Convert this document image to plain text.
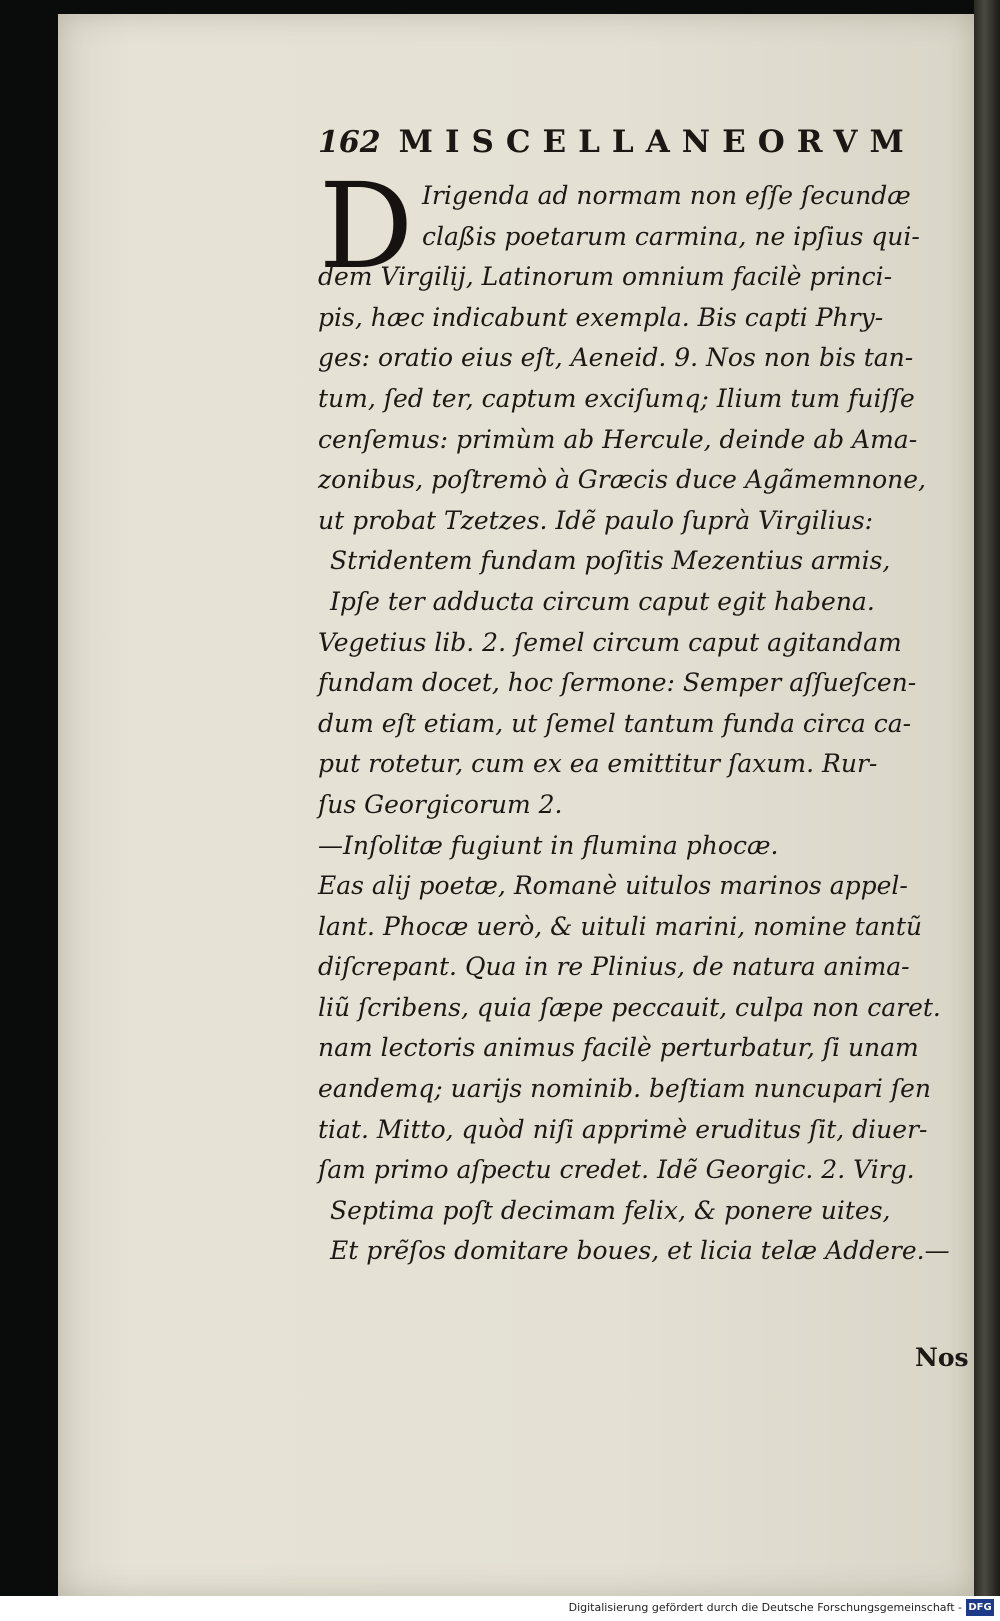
162 MISCELLANEORVM
D Irigenda ad normam non eſſe ſecundæ
claßis poetarum carmina, ne ipſius qui-
dem Virgilij, Latinorum omnium facilè princi-
pis, hæc indicabunt exempla. Bis capti Phry-
ges: oratio eius eſt, Aeneid. 9. Nos non bis tan-
tum, ſed ter, captum exciſumq; Ilium tum fuiſſe
cenſemus: primùm ab Hercule, deinde ab Ama-
zonibus, poſtremò à Græcis duce Agãmemnone,
ut probat Tzetzes. Idẽ paulo ſuprà Virgilius:
Stridentem fundam poſitis Mezentius armis,
Ipſe ter adducta circum caput egit habena.
Vegetius lib. 2. ſemel circum caput agitandam
fundam docet, hoc ſermone: Semper aſſueſcen-
dum eſt etiam, ut ſemel tantum funda circa ca-
put rotetur, cum ex ea emittitur ſaxum. Rur-
ſus Georgicorum 2.
—Inſolitæ fugiunt in flumina phocæ.
Eas alij poetæ, Romanè uitulos marinos appel-
lant. Phocæ uerò, & uituli marini, nomine tantũ
diſcrepant. Qua in re Plinius, de natura anima-
liũ ſcribens, quia ſæpe peccauit, culpa non caret.
nam lectoris animus facilè perturbatur, ſi unam
eandemq; uarijs nominib. beſtiam nuncupari ſen
tiat. Mitto, quòd niſi apprimè eruditus ſit, diuer-
ſam primo aſpectu credet. Idẽ Georgic. 2. Virg.
Septima poſt decimam felix, & ponere uites,
Et prẽſos domitare boues, et licia telæ Addere.—
Nos
Digitalisierung gefördert durch die Deutsche Forschungsgemeinschaft - DFG
